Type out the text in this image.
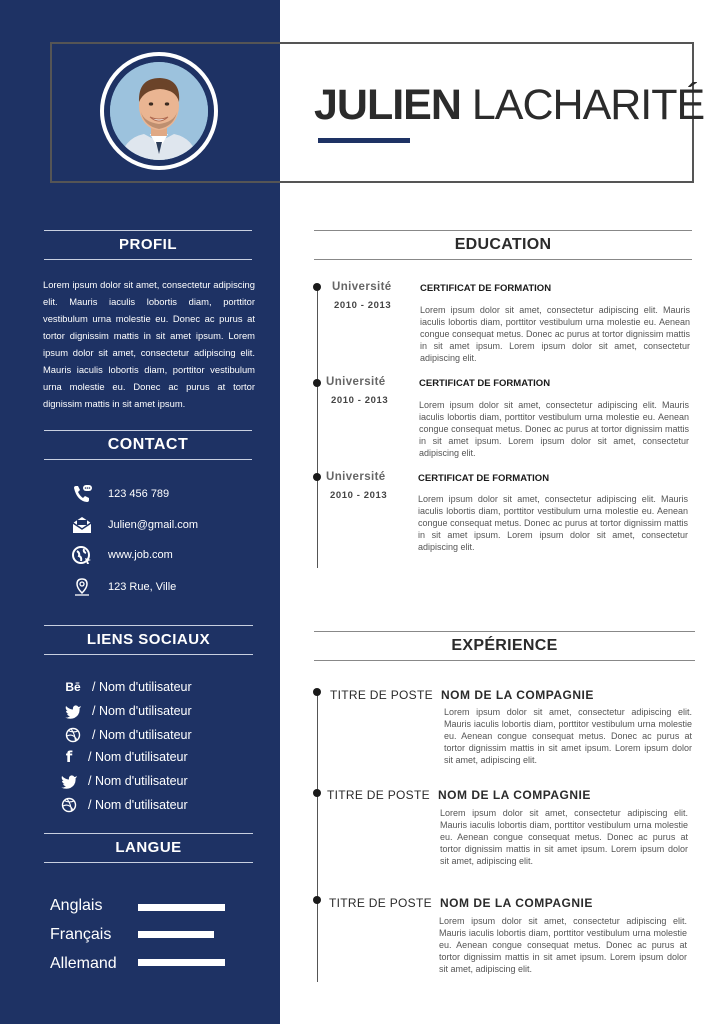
JULIEN LACHARITÉ
PROFIL
Lorem ipsum dolor sit amet, consectetur adipiscing elit. Mauris iaculis lobortis diam, porttitor vestibulum urna molestie eu. Donec ac purus at tortor dignissim mattis in sit amet ipsum. Lorem ipsum dolor sit amet, consectetur adipiscing elit. Mauris iaculis lobortis diam, porttitor vestibulum urna molestie eu. Donec ac purus at tortor dignissim mattis in sit amet ipsum.
CONTACT
123 456 789
Julien@gmail.com
www.job.com
123 Rue, Ville
LIENS SOCIAUX
Bē / Nom d'utilisateur
/ Nom d'utilisateur
/ Nom d'utilisateur
f	/ Nom d'utilisateur
/ Nom d'utilisateur
/ Nom d'utilisateur
LANGUE
Anglais
Français
Allemand
EDUCATION
Université
2010 - 2013
CERTIFICAT DE FORMATION
Lorem ipsum dolor sit amet, consectetur adipiscing elit. Mauris iaculis lobortis diam, porttitor vestibulum urna molestie eu. Aenean congue consequat metus. Donec ac purus at tortor dignissim mattis in sit amet ipsum. Lorem ipsum dolor sit amet, consectetur adipiscing elit.
Université
2010 - 2013
CERTIFICAT DE FORMATION
Lorem ipsum dolor sit amet, consectetur adipiscing elit. Mauris iaculis lobortis diam, porttitor vestibulum urna molestie eu. Aenean congue consequat metus. Donec ac purus at tortor dignissim mattis in sit amet ipsum. Lorem ipsum dolor sit amet, consectetur adipiscing elit.
Université
2010 - 2013
CERTIFICAT DE FORMATION
Lorem ipsum dolor sit amet, consectetur adipiscing elit. Mauris iaculis lobortis diam, porttitor vestibulum urna molestie eu. Aenean congue consequat metus. Donec ac purus at tortor dignissim mattis in sit amet ipsum. Lorem ipsum dolor sit amet, consectetur adipiscing elit.
EXPÉRIENCE
TITRE DE POSTE NOM DE LA COMPAGNIE
Lorem ipsum dolor sit amet, consectetur adipiscing elit. Mauris iaculis lobortis diam, porttitor vestibulum urna molestie eu. Aenean congue consequat metus. Donec ac purus at tortor dignissim mattis in sit amet ipsum. Lorem ipsum dolor sit amet, adipiscing elit.
TITRE DE POSTE NOM DE LA COMPAGNIE
Lorem ipsum dolor sit amet, consectetur adipiscing elit. Mauris iaculis lobortis diam, porttitor vestibulum urna molestie eu. Aenean congue consequat metus. Donec ac purus at tortor dignissim mattis in sit amet ipsum. Lorem ipsum dolor sit amet, adipiscing elit.
TITRE DE POSTE NOM DE LA COMPAGNIE
Lorem ipsum dolor sit amet, consectetur adipiscing elit. Mauris iaculis lobortis diam, porttitor vestibulum urna molestie eu. Aenean congue consequat metus. Donec ac purus at tortor dignissim mattis in sit amet ipsum. Lorem ipsum dolor sit amet, adipiscing elit.
